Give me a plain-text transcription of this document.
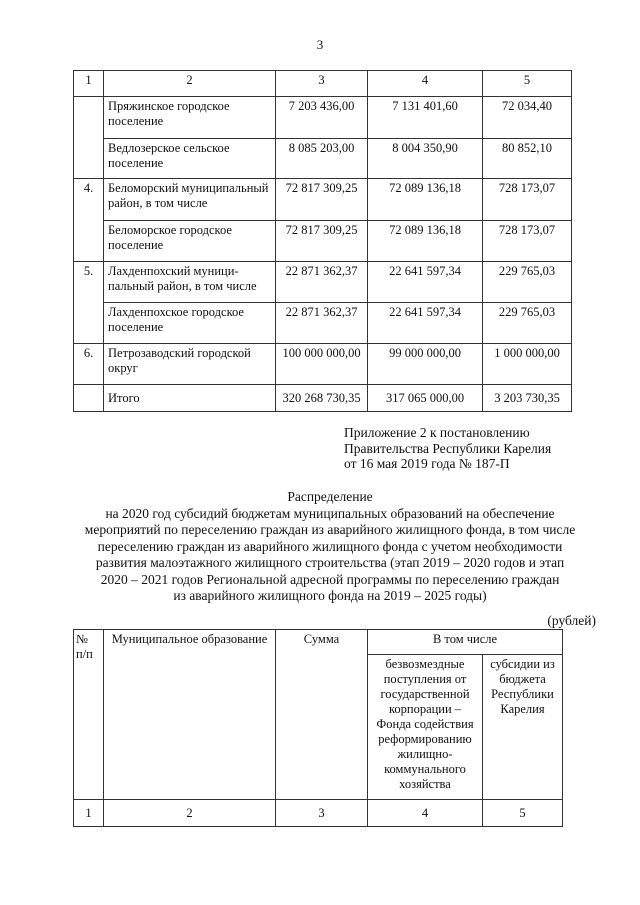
3
1	2	3	4	5
	Пряжинское городское поселение	7 203 436,00	7 131 401,60	72 034,40
	Ведлозерское сельское поселение	8 085 203,00	8 004 350,90	80 852,10
4.	Беломорский муниципальный район, в том числе	72 817 309,25	72 089 136,18	728 173,07
	Беломорское городское поселение	72 817 309,25	72 089 136,18	728 173,07
5.	Лахденпохский муници-пальный район, в том числе	22 871 362,37	22 641 597,34	229 765,03
	Лахденпохское городское поселение	22 871 362,37	22 641 597,34	229 765,03
6.	Петрозаводский городской округ	100 000 000,00	99 000 000,00	1 000 000,00
	Итого	320 268 730,35	317 065 000,00	3 203 730,35
Приложение 2 к постановлению
Правительства Республики Карелия
от 16 мая 2019 года № 187-П
Распределение
на 2020 год субсидий бюджетам муниципальных образований на обеспечение
мероприятий по переселению граждан из аварийного жилищного фонда, в том числе
переселению граждан из аварийного жилищного фонда с учетом необходимости
развития малоэтажного жилищного строительства (этап 2019 – 2020 годов и этап
2020 – 2021 годов Региональной адресной программы по переселению граждан
из аварийного жилищного фонда на 2019 – 2025 годы)
(рублей)
№ п/п	Муниципальное образование	Сумма	В том числе	
			безвозмездные поступления от государственной корпорации – Фонда содействия реформированию жилищно-коммунального хозяйства	субсидии из бюджета Республики Карелия
1	2	3	4	5
